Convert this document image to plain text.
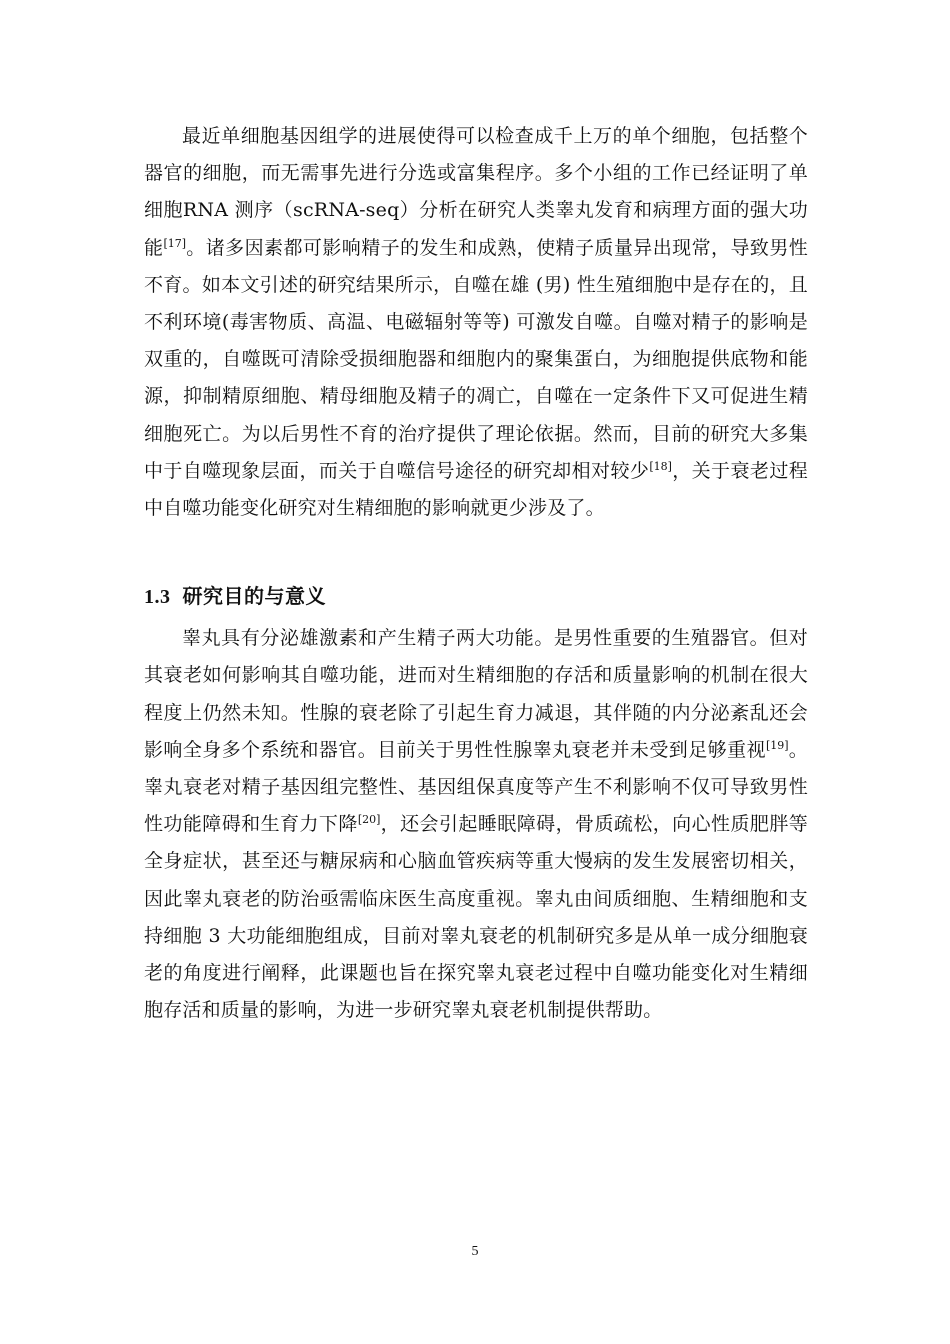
最近单细胞基因组学的进展使得可以检查成千上万的单个细胞，包括整个器官的细胞，而无需事先进行分选或富集程序。多个小组的工作已经证明了单细胞RNA 测序（scRNA-seq）分析在研究人类睾丸发育和病理方面的强大功能[17]。诸多因素都可影响精子的发生和成熟，使精子质量异出现常，导致男性不育。如本文引述的研究结果所示，自噬在雄 (男) 性生殖细胞中是存在的，且不利环境(毒害物质、高温、电磁辐射等等) 可激发自噬。自噬对精子的影响是双重的，自噬既可清除受损细胞器和细胞内的聚集蛋白，为细胞提供底物和能源，抑制精原细胞、精母细胞及精子的凋亡，自噬在一定条件下又可促进生精细胞死亡。为以后男性不育的治疗提供了理论依据。然而，目前的研究大多集中于自噬现象层面，而关于自噬信号途径的研究却相对较少[18]，关于衰老过程中自噬功能变化研究对生精细胞的影响就更少涉及了。

1.3 研究目的与意义

睾丸具有分泌雄激素和产生精子两大功能。是男性重要的生殖器官。但对其衰老如何影响其自噬功能，进而对生精细胞的存活和质量影响的机制在很大程度上仍然未知。性腺的衰老除了引起生育力减退，其伴随的内分泌紊乱还会影响全身多个系统和器官。目前关于男性性腺睾丸衰老并未受到足够重视[19]。睾丸衰老对精子基因组完整性、基因组保真度等产生不利影响不仅可导致男性性功能障碍和生育力下降[20]，还会引起睡眠障碍，骨质疏松，向心性质肥胖等全身症状，甚至还与糖尿病和心脑血管疾病等重大慢病的发生发展密切相关，因此睾丸衰老的防治亟需临床医生高度重视。睾丸由间质细胞、生精细胞和支持细胞 3 大功能细胞组成，目前对睾丸衰老的机制研究多是从单一成分细胞衰老的角度进行阐释，此课题也旨在探究睾丸衰老过程中自噬功能变化对生精细胞存活和质量的影响，为进一步研究睾丸衰老机制提供帮助。

5
